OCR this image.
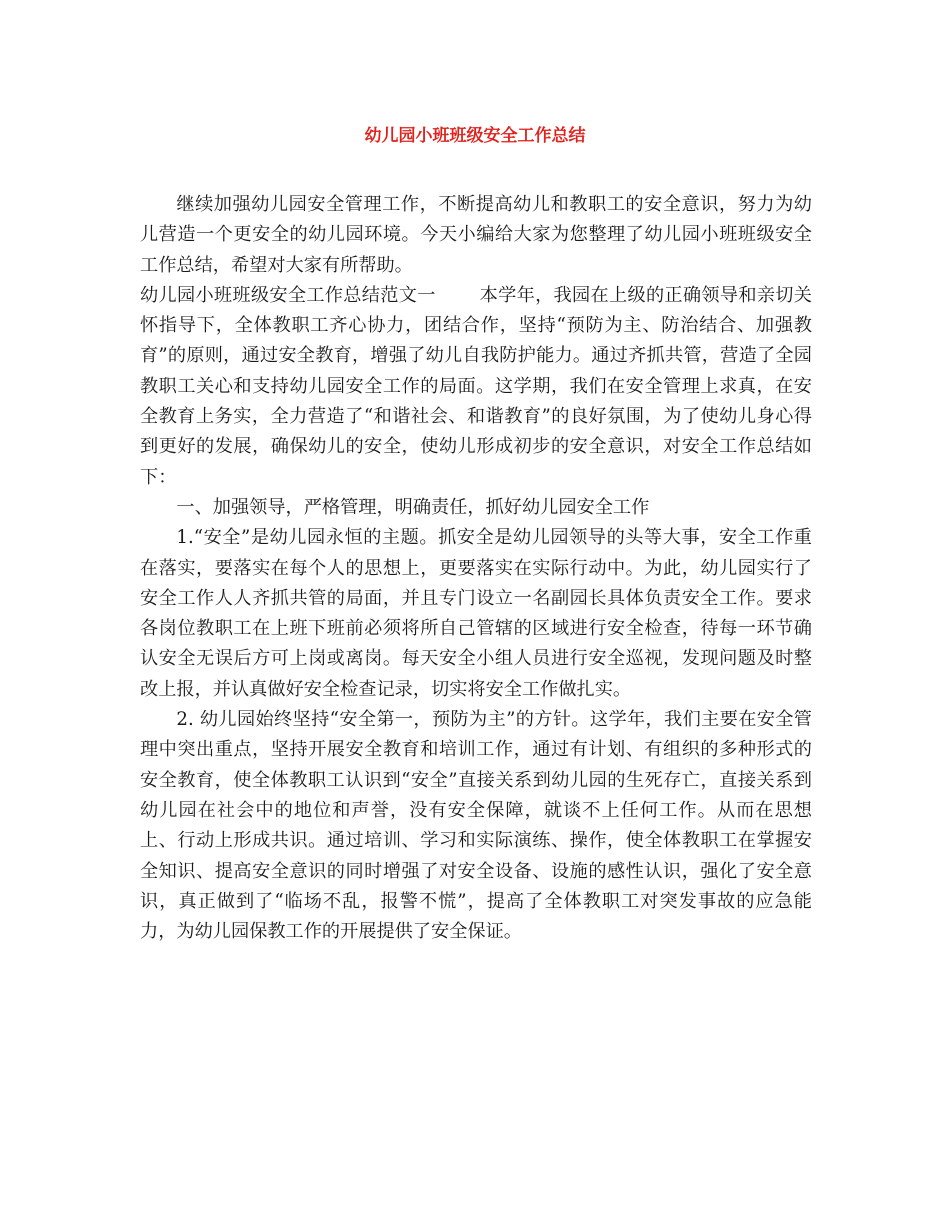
幼儿园小班班级安全工作总结

继续加强幼儿园安全管理工作，不断提高幼儿和教职工的安全意识，努力为幼儿营造一个更安全的幼儿园环境。今天小编给大家为您整理了幼儿园小班班级安全工作总结，希望对大家有所帮助。

幼儿园小班班级安全工作总结范文一 本学年，我园在上级的正确领导和亲切关怀指导下，全体教职工齐心协力，团结合作，坚持“预防为主、防治结合、加强教育”的原则，通过安全教育，增强了幼儿自我防护能力。通过齐抓共管，营造了全园教职工关心和支持幼儿园安全工作的局面。这学期，我们在安全管理上求真，在安全教育上务实，全力营造了“和谐社会、和谐教育”的良好氛围，为了使幼儿身心得到更好的发展，确保幼儿的安全，使幼儿形成初步的安全意识，对安全工作总结如下：

一、加强领导，严格管理，明确责任，抓好幼儿园安全工作

1.“安全”是幼儿园永恒的主题。抓安全是幼儿园领导的头等大事，安全工作重在落实，要落实在每个人的思想上，更要落实在实际行动中。为此，幼儿园实行了安全工作人人齐抓共管的局面，并且专门设立一名副园长具体负责安全工作。要求各岗位教职工在上班下班前必须将所自己管辖的区域进行安全检查，待每一环节确认安全无误后方可上岗或离岗。每天安全小组人员进行安全巡视，发现问题及时整改上报，并认真做好安全检查记录，切实将安全工作做扎实。

2. 幼儿园始终坚持“安全第一，预防为主”的方针。这学年，我们主要在安全管理中突出重点，坚持开展安全教育和培训工作，通过有计划、有组织的多种形式的安全教育，使全体教职工认识到“安全”直接关系到幼儿园的生死存亡，直接关系到幼儿园在社会中的地位和声誉，没有安全保障，就谈不上任何工作。从而在思想上、行动上形成共识。通过培训、学习和实际演练、操作，使全体教职工在掌握安全知识、提高安全意识的同时增强了对安全设备、设施的感性认识，强化了安全意识，真正做到了“临场不乱，报警不慌”，提高了全体教职工对突发事故的应急能力，为幼儿园保教工作的开展提供了安全保证。
